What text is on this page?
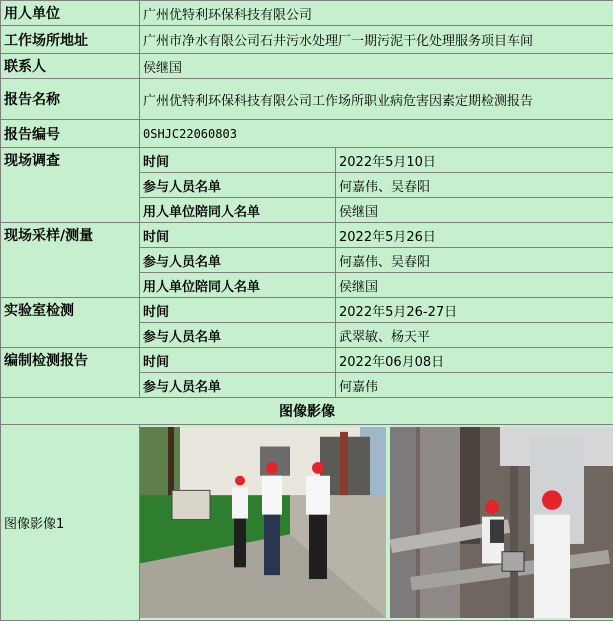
用人单位	广州优特利环保科技有限公司	
工作场所地址	广州市净水有限公司石井污水处理厂一期污泥干化处理服务项目车间	
联系人	侯继国	
报告名称	广州优特利环保科技有限公司工作场所职业病危害因素定期检测报告	
报告编号	0SHJC22060803	
现场调查	时间	2022年5月10日
	参与人员名单	何嘉伟、吴春阳
	用人单位陪同人名单	侯继国
现场采样/测量	时间	2022年5月26日
	参与人员名单	何嘉伟、吴春阳
	用人单位陪同人名单	侯继国
实验室检测	时间	2022年5月26-27日
	参与人员名单	武翠敏、杨天平
编制检测报告	时间	2022年06月08日
	参与人员名单	何嘉伟
图像影像		
图像影像1	
